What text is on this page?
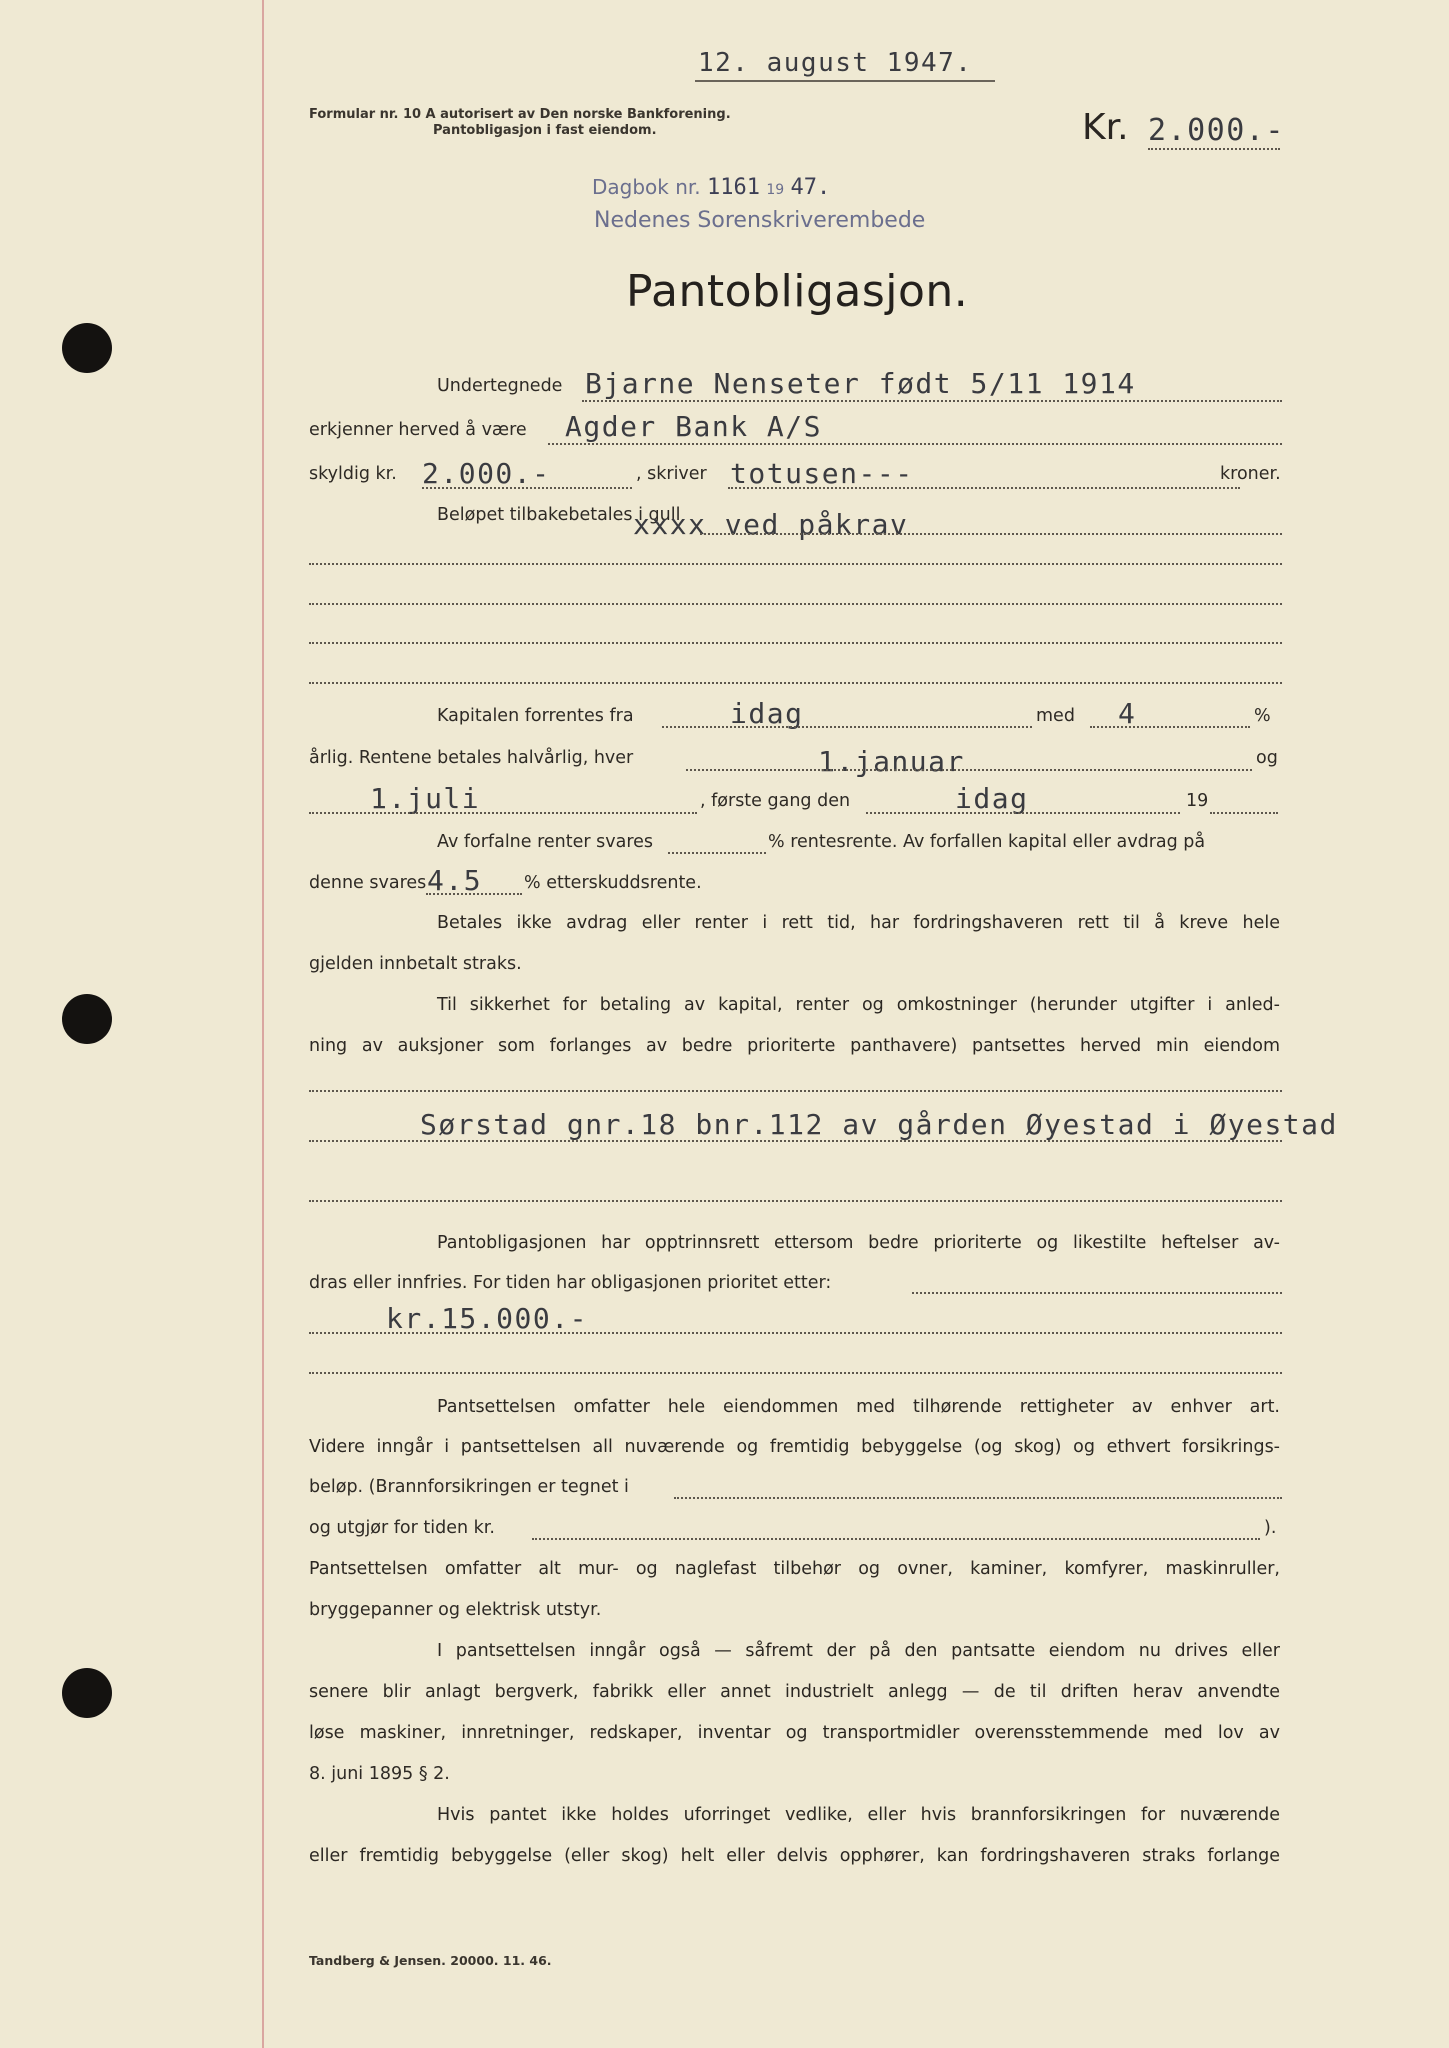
12. august 1947.
Formular nr. 10 A autorisert av Den norske Bankforening.
Pantobligasjon i fast eiendom.	Kr. 2.000.-
Dagbok nr. 1161 19 47.
Nedenes Sorenskriverembede
Pantobligasjon.
Undertegnede Bjarne Nenseter født 5/11 1914
erkjenner herved å være Agder Bank A/S
skyldig kr. 2.000.-	, skriver totusen---	kroner.
Beløpet tilbakebetales i gull
xxxx ved påkrav
Kapitalen forrentes fra	idag	med 4	%
årlig. Rentene betales halvårlig, hver	1.januar	og
1.juli	, første gang den	idag	19
Av forfalne renter svares	% rentesrente. Av forfallen kapital eller avdrag på
denne svares 4.5 % etterskuddsrente.
Betales ikke avdrag eller renter i rett tid, har fordringshaveren rett til å kreve hele
gjelden innbetalt straks.
Til sikkerhet for betaling av kapital, renter og omkostninger (herunder utgifter i anled-
ning av auksjoner som forlanges av bedre prioriterte panthavere) pantsettes herved min eiendom
Sørstad gnr.18 bnr.112 av gården Øyestad i Øyestad
Pantobligasjonen har opptrinnsrett ettersom bedre prioriterte og likestilte heftelser av-
dras eller innfries. For tiden har obligasjonen prioritet etter:
kr.15.000.-
Pantsettelsen omfatter hele eiendommen med tilhørende rettigheter av enhver art.
Videre inngår i pantsettelsen all nuværende og fremtidig bebyggelse (og skog) og ethvert forsikrings-
beløp. (Brannforsikringen er tegnet i
og utgjør for tiden kr.	).
Pantsettelsen omfatter alt mur- og naglefast tilbehør og ovner, kaminer, komfyrer, maskinruller,
bryggepanner og elektrisk utstyr.
I pantsettelsen inngår også — såfremt der på den pantsatte eiendom nu drives eller
senere blir anlagt bergverk, fabrikk eller annet industrielt anlegg — de til driften herav anvendte
løse maskiner, innretninger, redskaper, inventar og transportmidler overensstemmende med lov av
8. juni 1895 § 2.
Hvis pantet ikke holdes uforringet vedlike, eller hvis brannforsikringen for nuværende
eller fremtidig bebyggelse (eller skog) helt eller delvis opphører, kan fordringshaveren straks forlange
Tandberg & Jensen. 20000. 11. 46.
